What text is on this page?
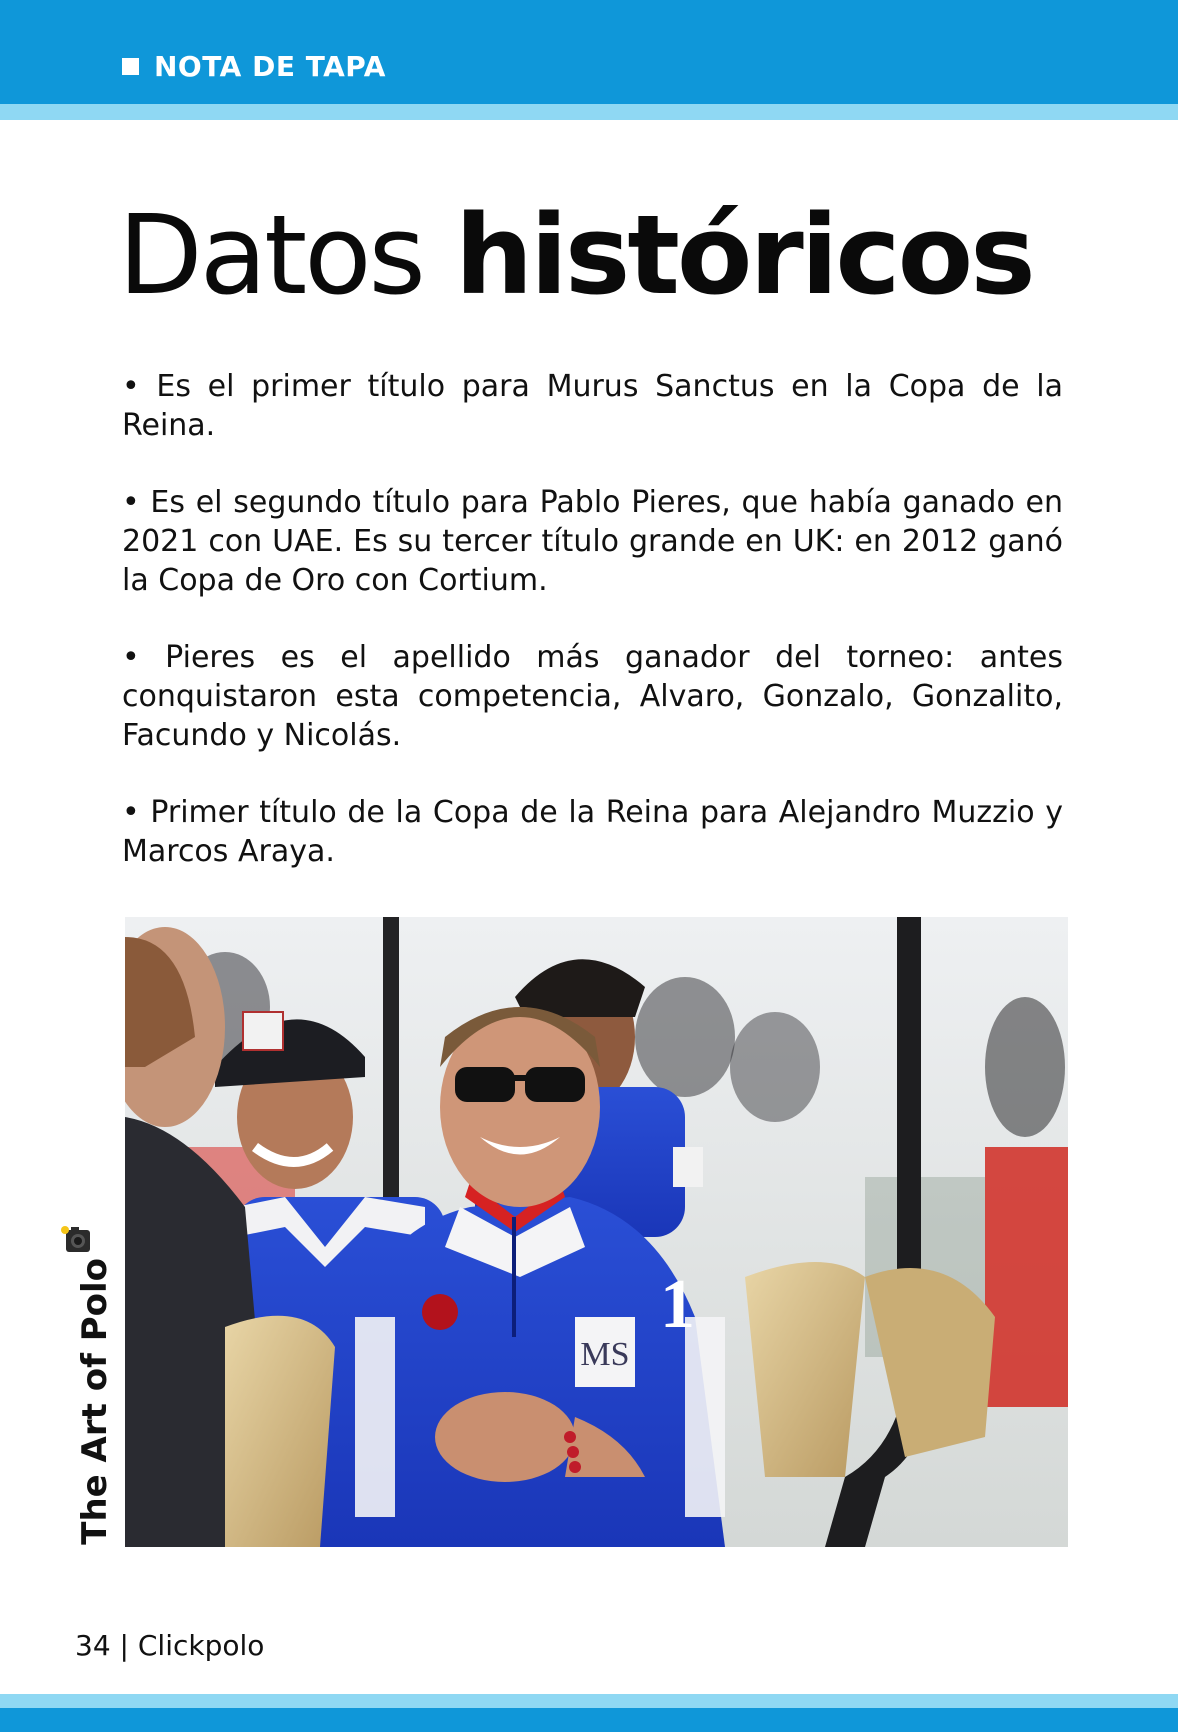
NOTA DE TAPA
Datos históricos

• Es el primer título para Murus Sanctus en la Copa de la Reina.

• Es el segundo título para Pablo Pieres, que había ganado en 2021 con UAE. Es su tercer título grande en UK: en 2012 ganó la Copa de Oro con Cortium.

• Pieres es el apellido más ganador del torneo: antes conquistaron esta competencia, Alvaro, Gonzalo, Gonzalito, Facundo y Nicolás.

• Primer título de la Copa de la Reina para Alejandro Muzzio y Marcos Araya.

MS
1
The Art of Polo
34 | Clickpolo
